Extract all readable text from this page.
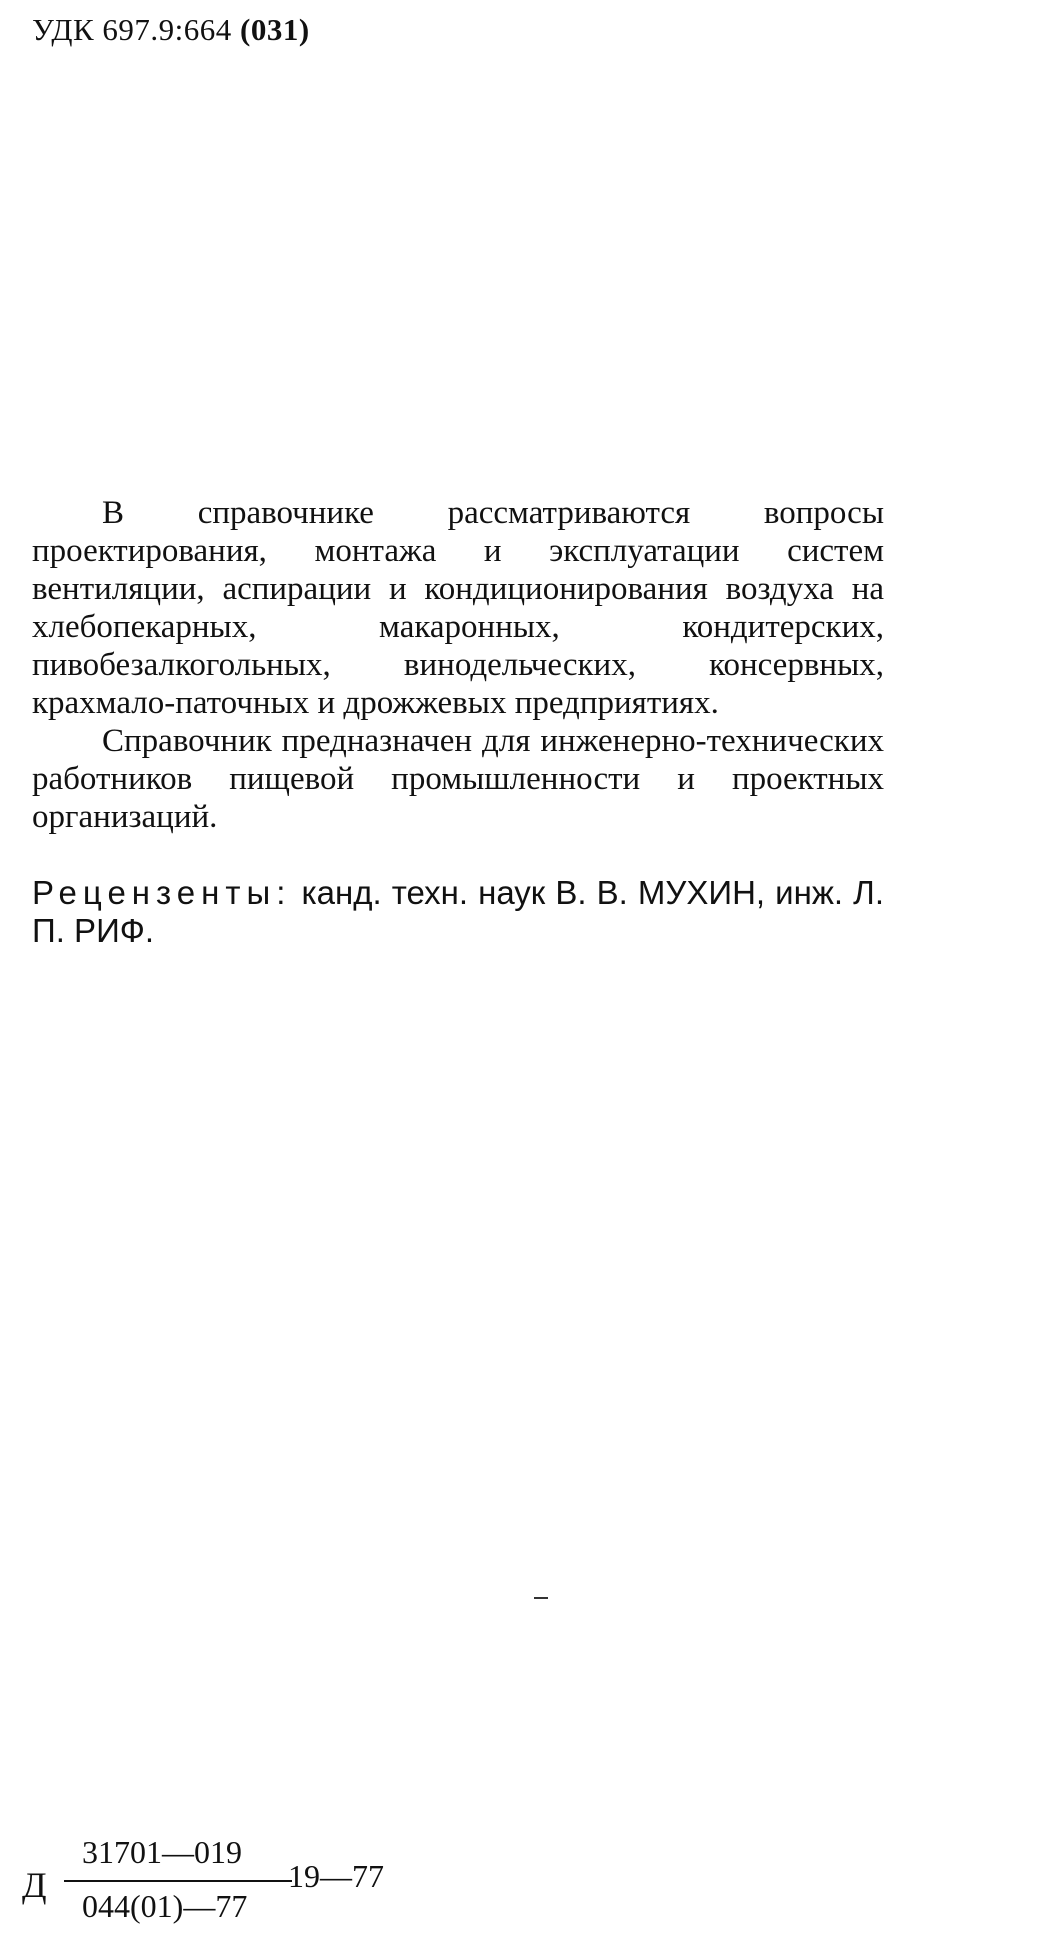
УДК 697.9:664 (031)

В справочнике рассматриваются вопросы проектирования, монтажа и эксплуатации систем вентиляции, аспирации и кондиционирования воздуха на хлебопекарных, макаронных, кондитерских, пивобезалкогольных, винодельческих, консервных, крахмало-паточных и дрожжевых предприятиях.

Справочник предназначен для инженерно-технических работников пищевой промышленности и проектных организаций.

Рецензенты: канд. техн. наук В. В. МУХИН, инж. Л. П. РИФ.
Д
31701—019
044(01)—77
19—77
